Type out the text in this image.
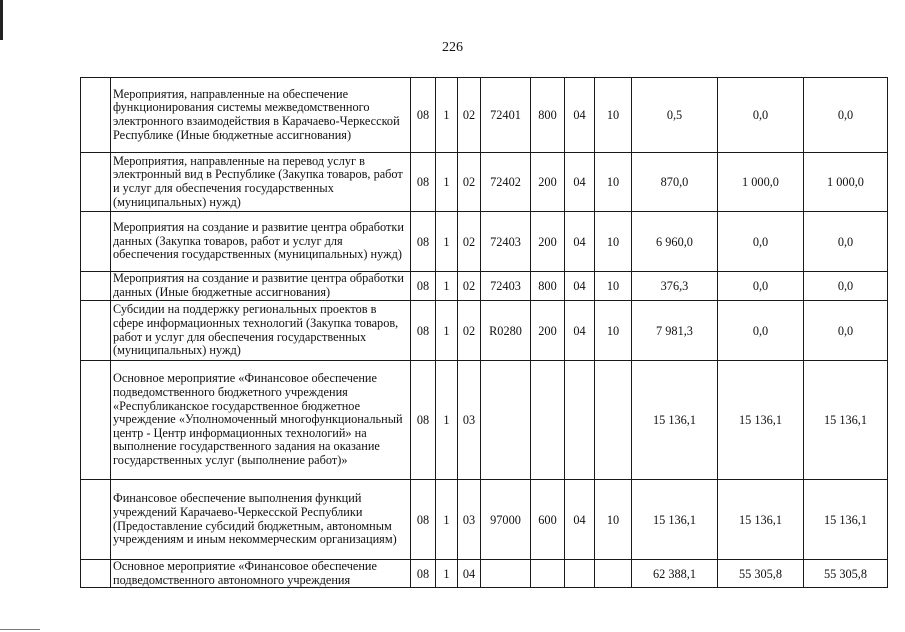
226
	Мероприятия, направленные на обеспечение функционирования системы межведомственного электронного взаимодействия в Карачаево-Черкесской Республике (Иные бюджетные ассигнования)	08	1	02	72401	800	04	10	0,5	0,0	0,0
	Мероприятия, направленные на перевод услуг в электронный вид в Республике (Закупка товаров, работ и услуг для обеспечения государственных (муниципальных) нужд)	08	1	02	72402	200	04	10	870,0	1 000,0	1 000,0
	Мероприятия на создание и развитие центра обработки данных (Закупка товаров, работ и услуг для обеспечения государственных (муниципальных) нужд)	08	1	02	72403	200	04	10	6 960,0	0,0	0,0
	Мероприятия на создание и развитие центра обработки данных (Иные бюджетные ассигнования)	08	1	02	72403	800	04	10	376,3	0,0	0,0
	Субсидии на поддержку региональных проектов в сфере информационных технологий (Закупка товаров, работ и услуг для обеспечения государственных (муниципальных) нужд)	08	1	02	R0280	200	04	10	7 981,3	0,0	0,0
	Основное мероприятие «Финансовое обеспечение подведомственного бюджетного учреждения «Республиканское государственное бюджетное учреждение «Уполномоченный многофункциональный центр - Центр информационных технологий» на выполнение государственного задания на оказание государственных услуг (выполнение работ)»	08	1	03					15 136,1	15 136,1	15 136,1
	Финансовое обеспечение выполнения функций учреждений Карачаево-Черкесской Республики (Предоставление субсидий бюджетным, автономным учреждениям и иным некоммерческим организациям)	08	1	03	97000	600	04	10	15 136,1	15 136,1	15 136,1
	Основное мероприятие «Финансовое обеспечение подведомственного автономного учреждения	08	1	04					62 388,1	55 305,8	55 305,8
